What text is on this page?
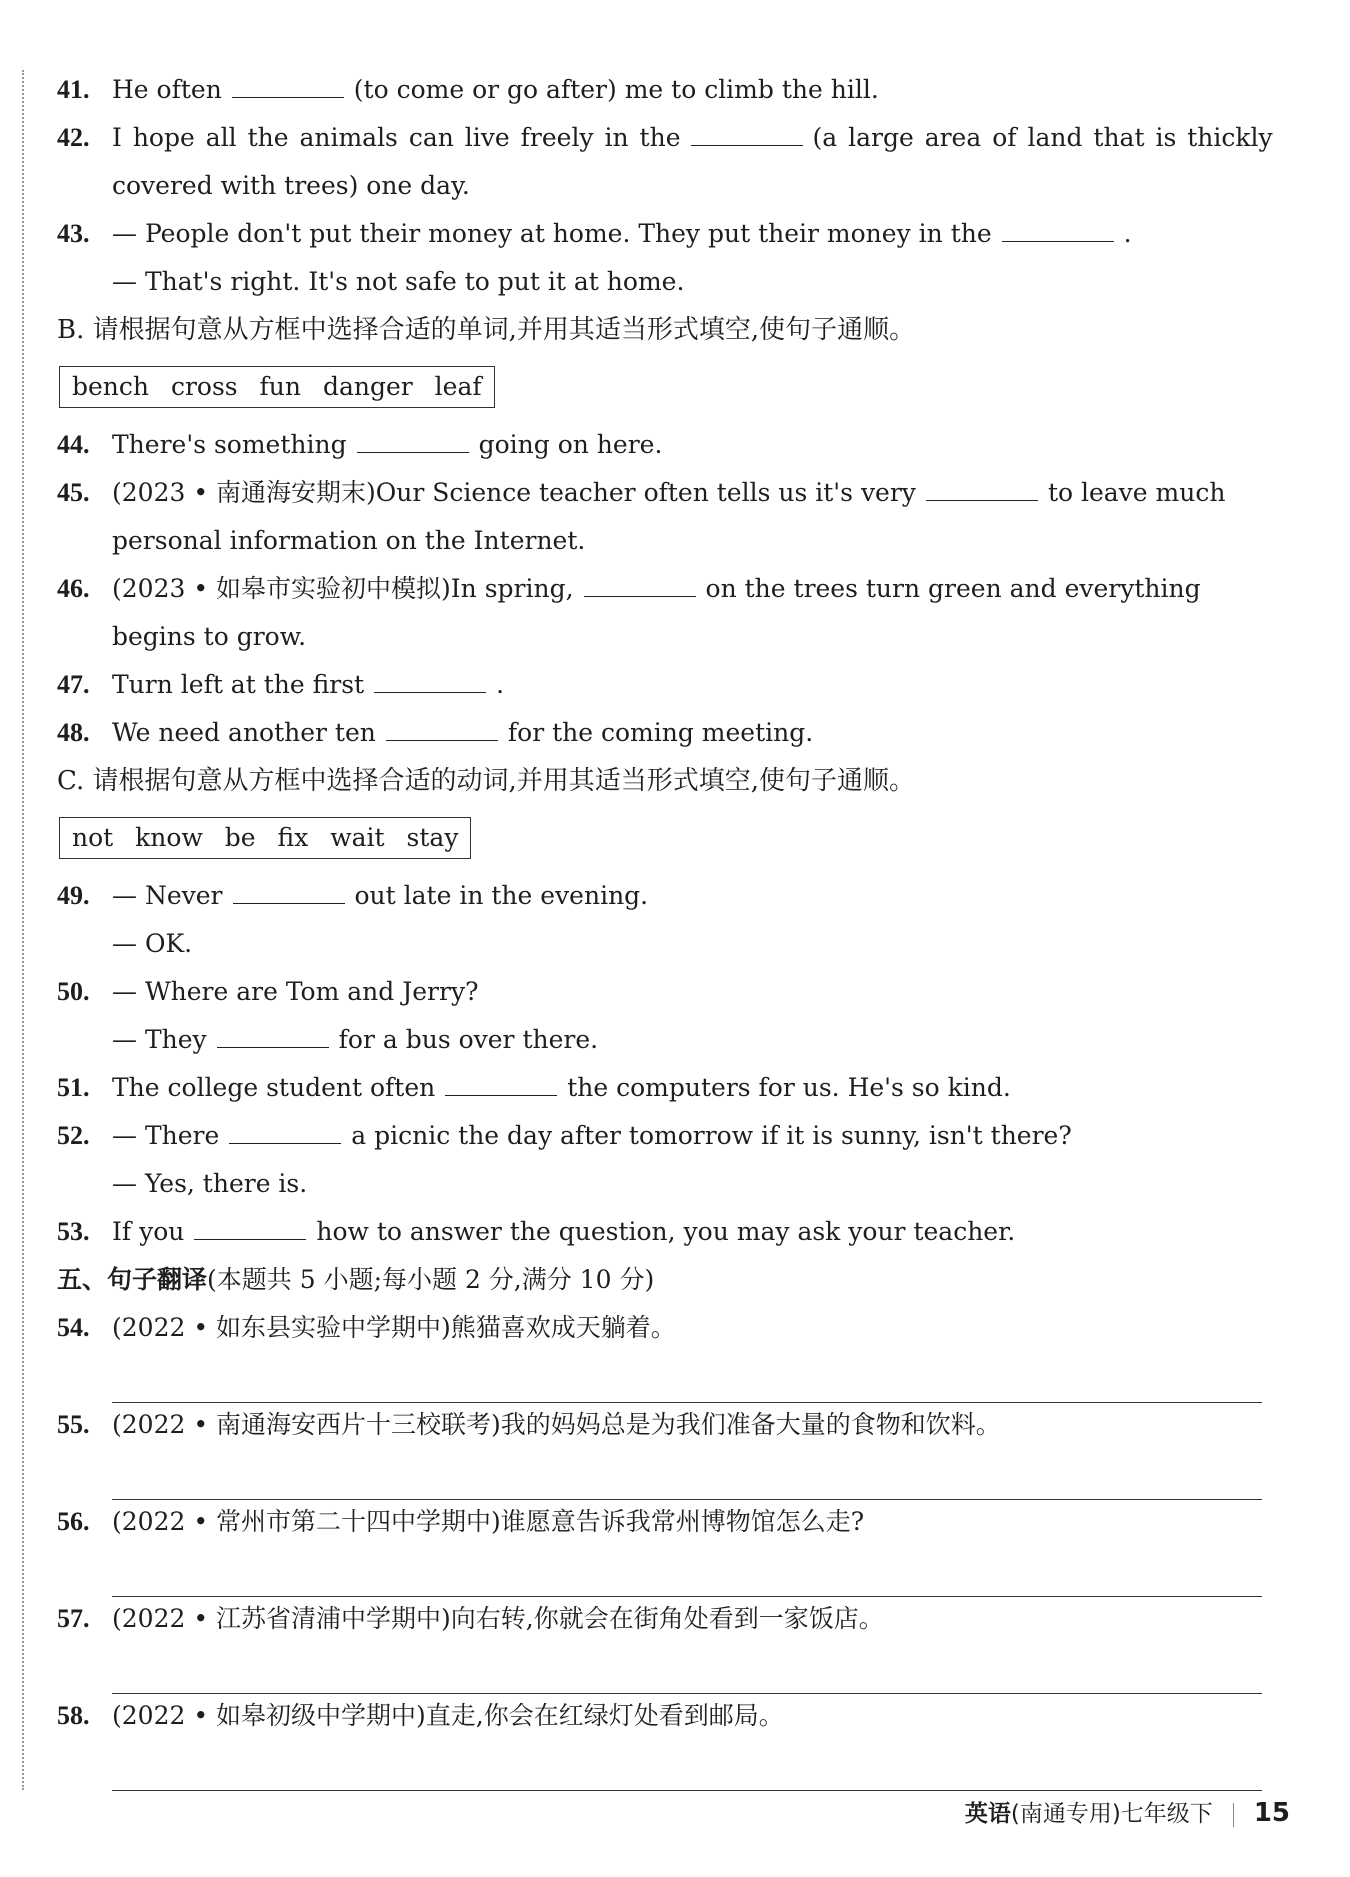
41. He often	(to come or go after) me to climb the hill.
42. I hope all the animals can live freely in the	(a large area of land that is thickly
covered with trees) one day.
43. — People don't put their money at home. They put their money in the	.
— That's right. It's not safe to put it at home.
B. 请根据句意从方框中选择合适的单词,并用其适当形式填空,使句子通顺。
bench cross fun danger leaf
44. There's something	going on here.
45. (2023 • 南通海安期末)Our Science teacher often tells us it's very	to leave much
personal information on the Internet.
46. (2023 • 如皋市实验初中模拟)In spring,	on the trees turn green and everything
begins to grow.
47. Turn left at the first	.
48. We need another ten	for the coming meeting.
C. 请根据句意从方框中选择合适的动词,并用其适当形式填空,使句子通顺。
not know be fix wait stay
49. — Never	out late in the evening.
— OK.
50. — Where are Tom and Jerry?
— They	for a bus over there.
51. The college student often	the computers for us. He's so kind.
52. — There	a picnic the day after tomorrow if it is sunny, isn't there?
— Yes, there is.
53. If you	how to answer the question, you may ask your teacher.
五、句子翻译(本题共 5 小题;每小题 2 分,满分 10 分)
54. (2022 • 如东县实验中学期中)熊猫喜欢成天躺着。
55. (2022 • 南通海安西片十三校联考)我的妈妈总是为我们准备大量的食物和饮料。
56. (2022 • 常州市第二十四中学期中)谁愿意告诉我常州博物馆怎么走?
57. (2022 • 江苏省清浦中学期中)向右转,你就会在街角处看到一家饭店。
58. (2022 • 如皋初级中学期中)直走,你会在红绿灯处看到邮局。
英语(南通专用)七年级下 15
